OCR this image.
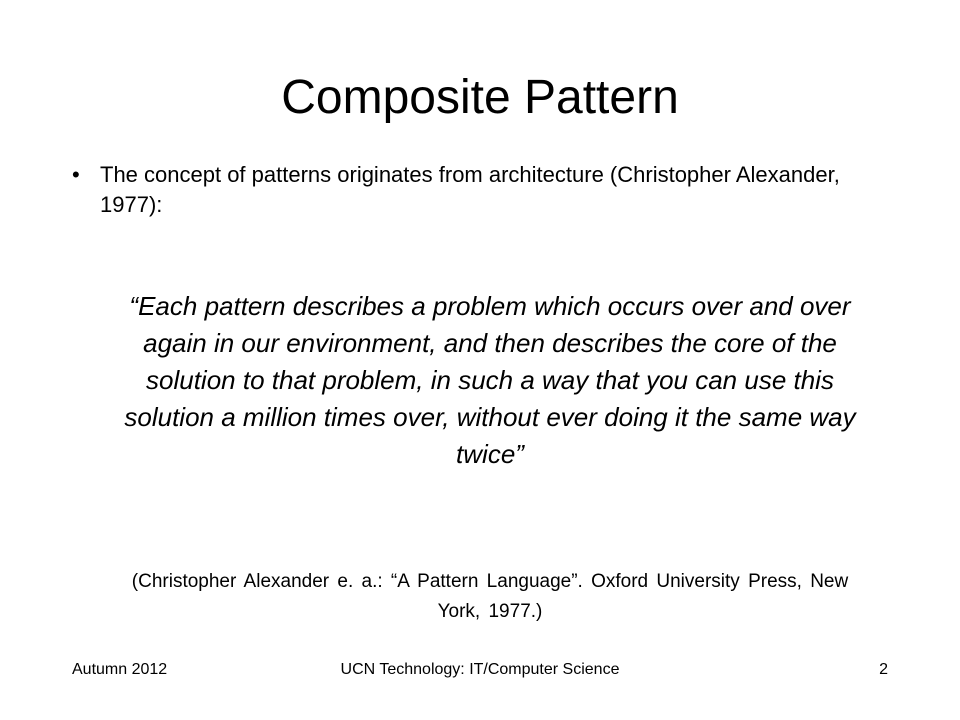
Composite Pattern
• The concept of patterns originates from architecture (Christopher Alexander, 1977):

“Each pattern describes a problem which occurs over and over again in our environment, and then describes the core of the solution to that problem, in such a way that you can use this solution a million times over, without ever doing it the same way twice”

(Christopher Alexander e. a.: “A Pattern Language”. Oxford University Press, New York, 1977.)

Autumn 2012	UCN Technology: IT/Computer Science	2
